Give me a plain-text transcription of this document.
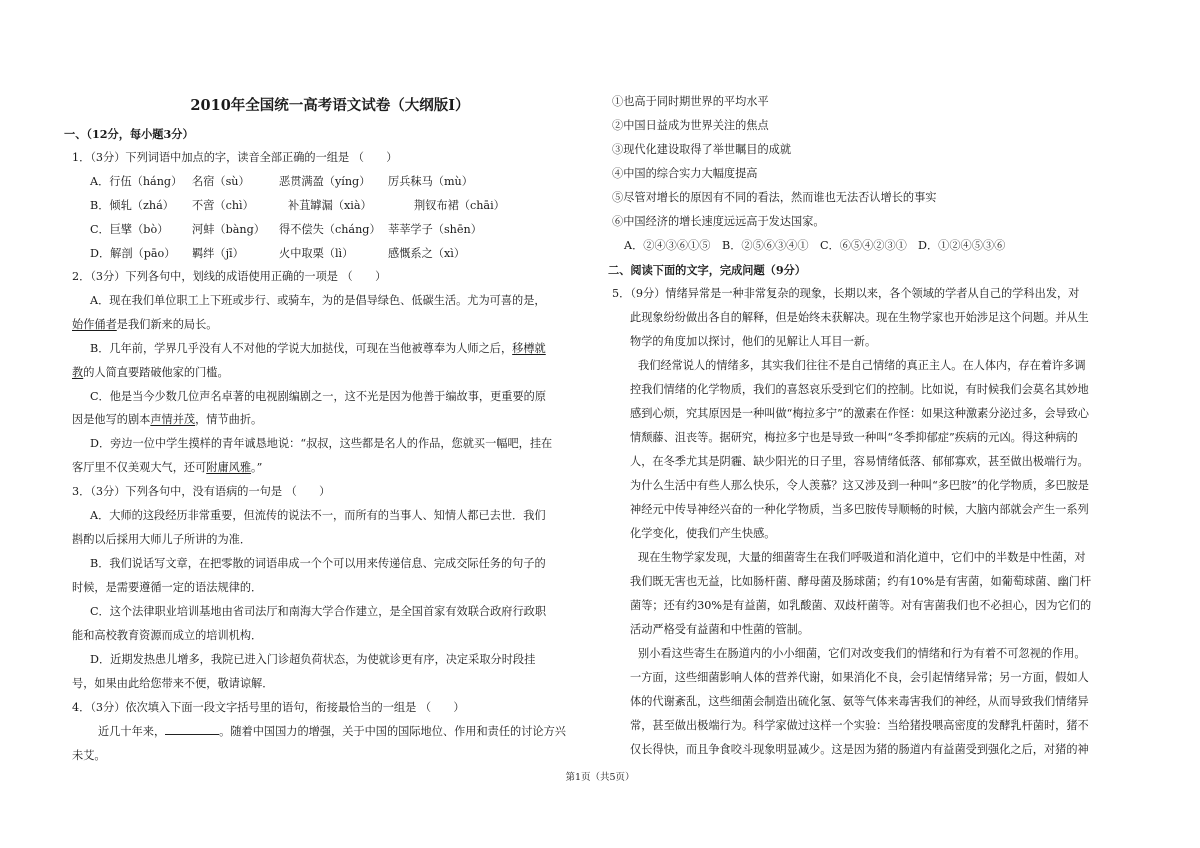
2010年全国统一高考语文试卷（大纲版Ⅰ）
一、（12分，每小题3分）
1．（3分）下列词语中加点的字，读音全部正确的一组是 （　　）
A．行伍（háng） 名宿（sù）	恶贯满盈（yíng） 厉兵秣马（mù）
B．倾轧（zhá） 不啻（chì）	补苴罅漏（xià）	荆钗布裙（chāi）
C．巨擘（bò） 河蚌（bàng） 得不偿失（cháng） 莘莘学子（shēn）
D．解剖（pāo） 羁绊（jī）	火中取栗（lì）	感慨系之（xì）
2．（3分）下列各句中，划线的成语使用正确的一项是 （　　）
A．现在我们单位职工上下班或步行、或骑车，为的是倡导绿色、低碳生活。尤为可喜的是，
始作俑者是我们新来的局长。
B．几年前，学界几乎没有人不对他的学说大加挞伐，可现在当他被尊奉为人师之后，移樽就
教的人简直要踏破他家的门槛。
C．他是当今少数几位声名卓著的电视剧编剧之一，这不光是因为他善于编故事，更重要的原
因是他写的剧本声情并茂，情节曲折。
D．旁边一位中学生摸样的青年诚恳地说：“叔叔，这些都是名人的作品，您就买一幅吧，挂在
客厅里不仅美观大气，还可附庸风雅。”
3．（3分）下列各句中，没有语病的一句是 （　　）
A．大师的这段经历非常重要，但流传的说法不一，而所有的当事人、知情人都已去世．我们
斟酌以后採用大师儿子所讲的为准．
B．我们说话写文章，在把零散的词语串成一个个可以用来传递信息、完成交际任务的句子的
时候，是需要遵循一定的语法规律的．
C．这个法律职业培训基地由省司法厅和南海大学合作建立，是全国首家有效联合政府行政职
能和高校教育资源而成立的培训机构．
D．近期发热患儿增多，我院已进入门诊超负荷状态，为使就诊更有序，决定采取分时段挂
号，如果由此给您带来不便，敬请谅解．
4．（3分）依次填入下面一段文字括号里的语句，衔接最恰当的一组是 （　　）
近几十年来，	。随着中国国力的增强，关于中国的国际地位、作用和责任的讨论方兴
未艾。
①也高于同时期世界的平均水平
②中国日益成为世界关注的焦点
③现代化建设取得了举世瞩目的成就
④中国的综合实力大幅度提高
⑤尽管对增长的原因有不同的看法，然而谁也无法否认增长的事实
⑥中国经济的增长速度远远高于发达国家。
A．②④③⑥①⑤ B．②⑤⑥③④① C．⑥⑤④②③① D．①②④⑤③⑥
二、阅读下面的文字，完成问题（9分）
5．（9分）情绪异常是一种非常复杂的现象，长期以来，各个领域的学者从自己的学科出发，对
此现象纷纷做出各自的解释，但是始终未获解决。现在生物学家也开始涉足这个问题。并从生
物学的角度加以探讨，他们的见解让人耳目一新。
我们经常说人的情绪多，其实我们往往不是自己情绪的真正主人。在人体内，存在着许多调
控我们情绪的化学物质，我们的喜怒哀乐受到它们的控制。比如说，有时候我们会莫名其妙地
感到心烦，究其原因是一种叫做“梅拉多宁”的激素在作怪：如果这种激素分泌过多，会导致心
情颓藤、沮丧等。据研究，梅拉多宁也是导致一种叫“冬季抑郁症”疾病的元凶。得这种病的
人，在冬季尤其是阴霾、缺少阳光的日子里，容易情绪低落、郁郁寡欢，甚至做出极端行为。
为什么生活中有些人那么快乐，令人羡慕？这又涉及到一种叫“多巴胺”的化学物质，多巴胺是
神经元中传导神经兴奋的一种化学物质，当多巴胺传导顺畅的时候，大脑内部就会产生一系列
化学变化，使我们产生快感。
现在生物学家发现，大量的细菌寄生在我们呼吸道和消化道中，它们中的半数是中性菌，对
我们既无害也无益，比如肠杆菌、酵母菌及肠球菌；约有10%是有害菌，如葡萄球菌、幽门杆
菌等；还有约30%是有益菌，如乳酸菌、双歧杆菌等。对有害菌我们也不必担心，因为它们的
活动严格受有益菌和中性菌的管制。
别小看这些寄生在肠道内的小小细菌，它们对改变我们的情绪和行为有着不可忽视的作用。
一方面，这些细菌影响人体的营养代谢，如果消化不良，会引起情绪异常；另一方面，假如人
体的代谢紊乱，这些细菌会制造出硫化氢、氨等气体来毒害我们的神经，从而导致我们情绪异
常，甚至做出极端行为。科学家做过这样一个实验：当给猪投喂高密度的发酵乳杆菌时，猪不
仅长得快，而且争食咬斗现象明显减少。这是因为猪的肠道内有益菌受到强化之后，对猪的神
第1页（共5页）
